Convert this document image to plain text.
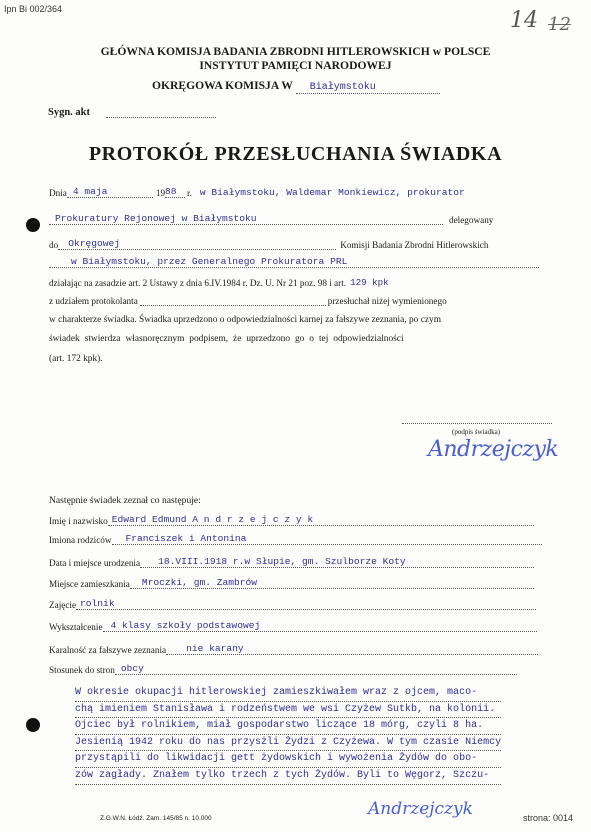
Ipn Bi 002/364	14 12
GŁÓWNA KOMISJA BADANIA ZBRODNI HITLEROWSKICH w POLSCE
INSTYTUT PAMIĘCI NARODOWEJ
OKRĘGOWA KOMISJA W Białymstoku
Sygn. akt
PROTOKÓŁ PRZESŁUCHANIA ŚWIADKA
Dnia 4 maja	19 88	r. w Białymstoku, Waldemar Monkiewicz, prokurator
Prokuratury Rejonowej w Białymstoku	delegowany
do	Okręgowej	Komisji Badania Zbrodni Hitlerowskich
w Białymstoku, przez Generalnego Prokuratora PRL
działając na zasadzie art. 2 Ustawy z dnia 6.IV.1984 r. Dz. U. Nr 21 poz. 98 i art. 129 kpk
z udziałem protokolanta	przesłuchał niżej wymienionego
w charakterze świadka. Świadka uprzedzono o odpowiedzialności karnej za fałszywe zeznania, po czym
świadek stwierdza własnoręcznym podpisem, że uprzedzono go o tej odpowiedzialności
(art. 172 kpk).
(podpis świadka)
Andrzejczyk
Następnie świadek zeznał co następuje:
Imię i nazwisko Edward Edmund A n d r z e j c z y k
Imiona rodziców	Franciszek i Antonina
Data i miejsce urodzenia	18.VIII.1918 r.w Słupie, gm. Szulborze Koty
Miejsce zamieszkania	Mroczki, gm. Zambrów
Zajęcie rolnik
Wykształcenie 4 klasy szkoły podstawowej
Karalność za fałszywe zeznania	nie karany
Stosunek do stron obcy
W okresie okupacji hitlerowskiej zamieszkiwałem wraz z ojcem, maco-
chą imieniem Stanisława i rodzeństwem we wsi Czyżew Sutkb, na kolonii.
Ojciec był rolnikiem, miał gospodarstwo liczące 18 mórg, czyli 8 ha.
Jesienią 1942 roku do nas przysżli Żydzi z Czyżewa. W tym czasie Niemcy
przystąpili do likwidacji gett żydowskich i wywożenia Żydów do obo-
zów zagłady. Znałem tylko trzech z tych Żydów. Byli to Węgorz, Szczu-
Z.G.W.N. Łódź. Zam. 145/85 n. 10.000	Andrzejczyk	strona: 0014
